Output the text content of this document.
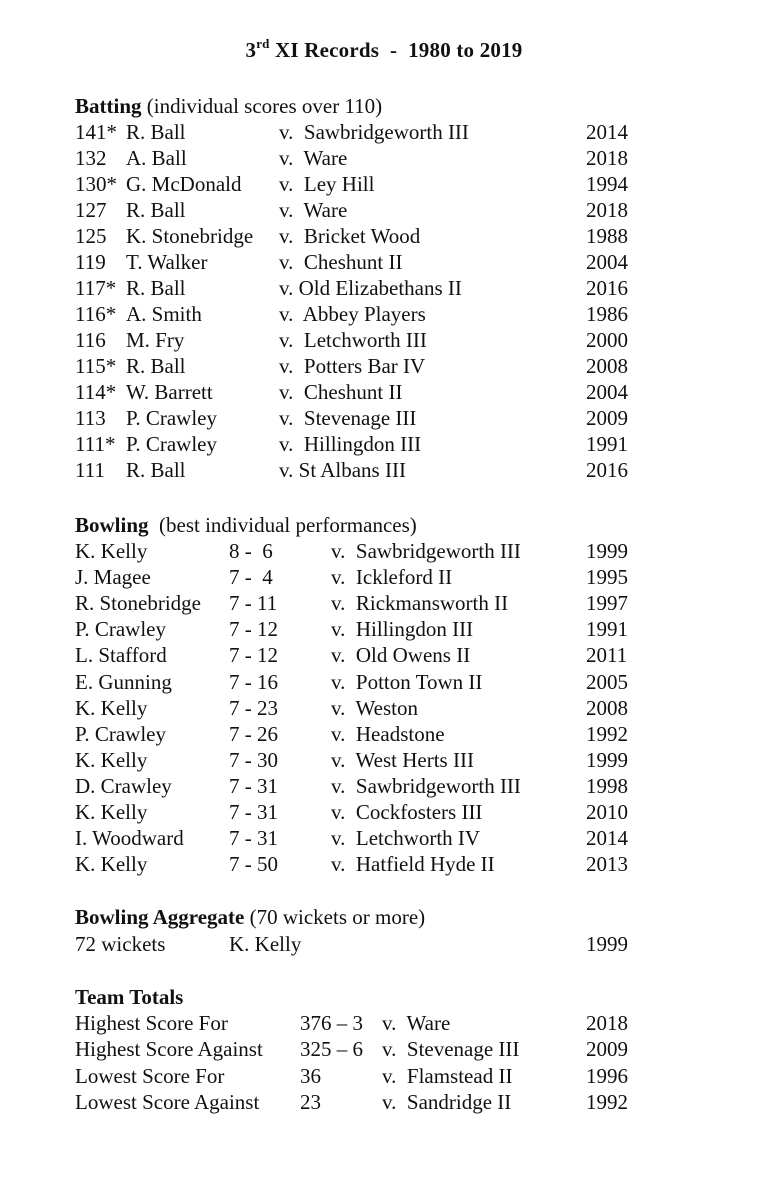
3rd XI Records  -  1980 to 2019
Batting (individual scores over 110)
141* R. Ball	v.  Sawbridgeworth III	2014
132 A. Ball	v.  Ware	2018
130* G. McDonald v.  Ley Hill	1994
127 R. Ball	v.  Ware	2018
125 K. Stonebridge v.  Bricket Wood	1988
119 T. Walker	v.  Cheshunt II	2004
117* R. Ball	v. Old Elizabethans II	2016
116* A. Smith	v.  Abbey Players	1986
116 M. Fry	v.  Letchworth III	2000
115* R. Ball	v.  Potters Bar IV	2008
114* W. Barrett	v.  Cheshunt II	2004
113 P. Crawley	v.  Stevenage III	2009
111* P. Crawley	v.  Hillingdon III	1991
111 R. Ball	v. St Albans III	2016
Bowling  (best individual performances)
K. Kelly	8 -  6	v.  Sawbridgeworth III	1999
J. Magee	7 -  4	v.  Ickleford II	1995
R. Stonebridge 7 - 11	v.  Rickmansworth II	1997
P. Crawley	7 - 12	v.  Hillingdon III	1991
L. Stafford	7 - 12	v.  Old Owens II	2011
E. Gunning	7 - 16	v.  Potton Town II	2005
K. Kelly	7 - 23	v.  Weston	2008
P. Crawley	7 - 26	v.  Headstone	1992
K. Kelly	7 - 30	v.  West Herts III	1999
D. Crawley	7 - 31	v.  Sawbridgeworth III	1998
K. Kelly	7 - 31	v.  Cockfosters III	2010
I. Woodward 7 - 31	v.  Letchworth IV	2014
K. Kelly	7 - 50	v.  Hatfield Hyde II	2013
Bowling Aggregate (70 wickets or more)
72 wickets	K. Kelly	1999
Team Totals
Highest Score For	376 – 3 v.  Ware	2018
Highest Score Against 325 – 6 v.  Stevenage III	2009
Lowest Score For	36	v.  Flamstead II	1996
Lowest Score Against 23	v.  Sandridge II	1992
